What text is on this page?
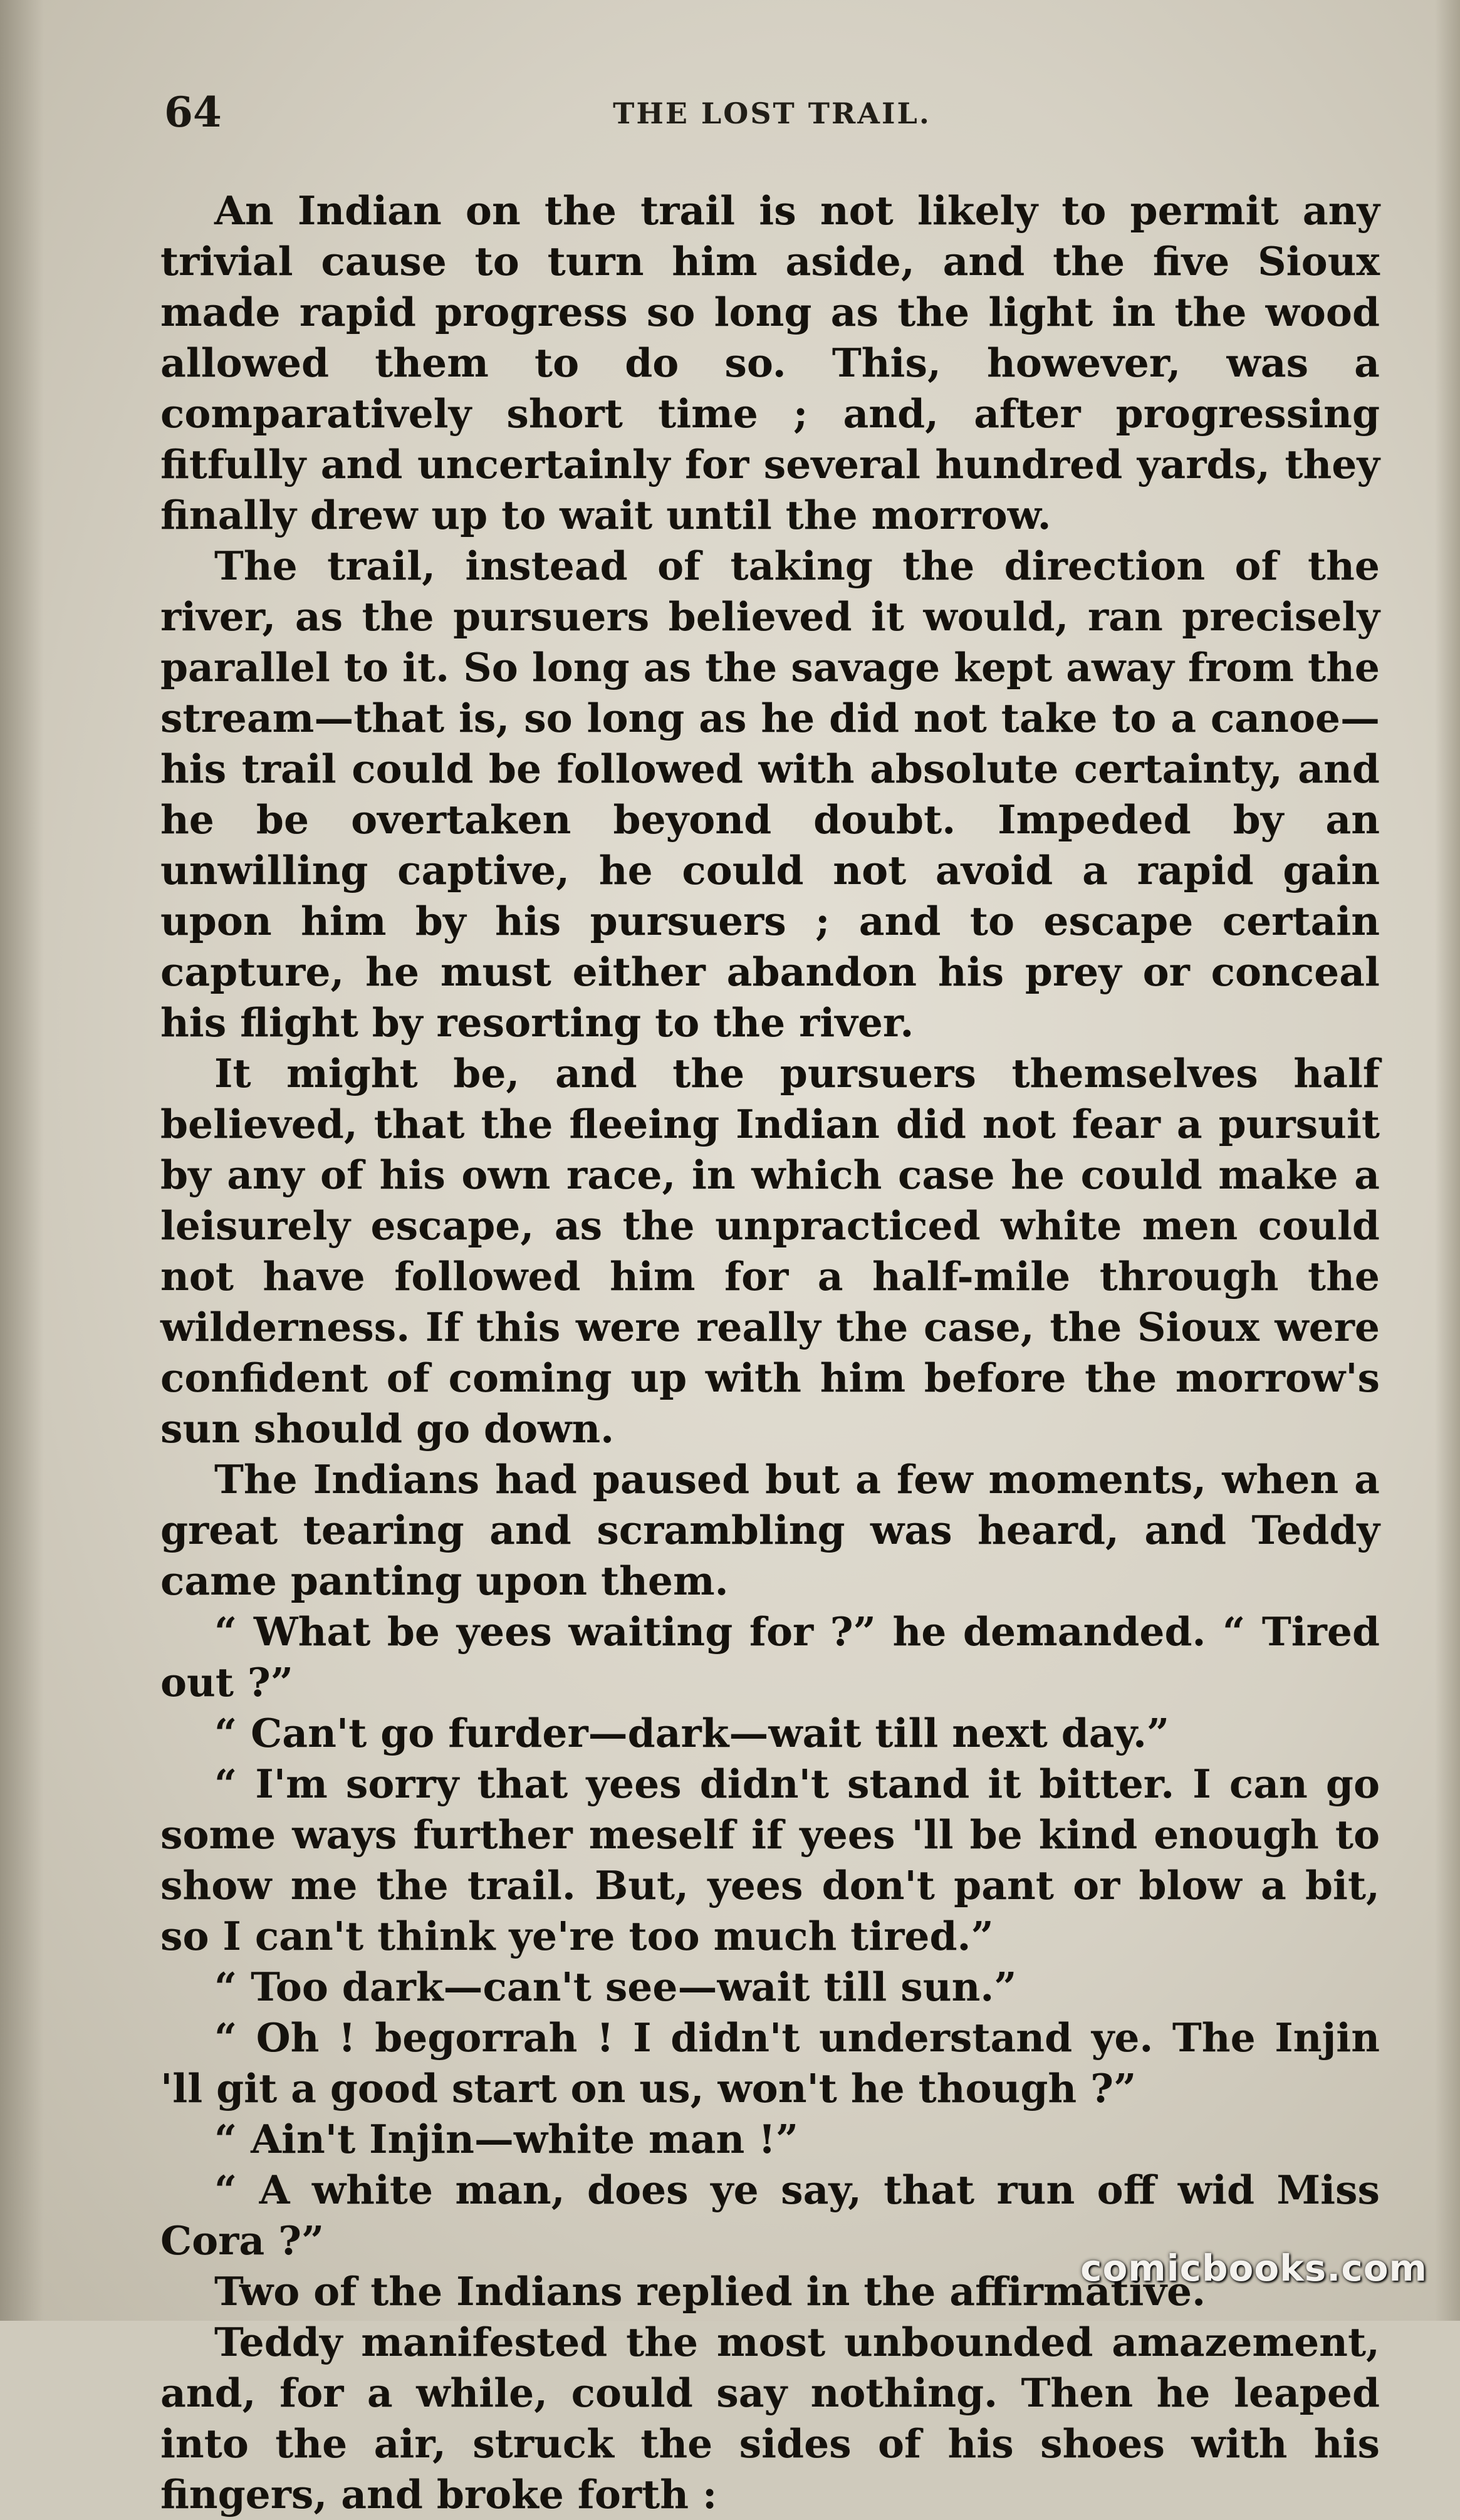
64	THE LOST TRAIL.

An Indian on the trail is not likely to permit any trivial cause to turn him aside, and the five Sioux made rapid progress so long as the light in the wood allowed them to do so. This, however, was a comparatively short time ; and, after progressing fitfully and uncertainly for several hundred yards, they finally drew up to wait until the morrow.

The trail, instead of taking the direction of the river, as the pursuers believed it would, ran precisely parallel to it. So long as the savage kept away from the stream—that is, so long as he did not take to a canoe—his trail could be followed with absolute certainty, and he be overtaken beyond doubt. Impeded by an unwilling captive, he could not avoid a rapid gain upon him by his pursuers ; and to escape certain capture, he must either abandon his prey or conceal his flight by resorting to the river.

It might be, and the pursuers themselves half believed, that the fleeing Indian did not fear a pursuit by any of his own race, in which case he could make a leisurely escape, as the unpracticed white men could not have followed him for a half-mile through the wilderness. If this were really the case, the Sioux were confident of coming up with him before the morrow's sun should go down.

The Indians had paused but a few moments, when a great tearing and scrambling was heard, and Teddy came panting upon them.

“ What be yees waiting for ?” he demanded. “ Tired out ?”

“ Can't go furder—dark—wait till next day.”

“ I'm sorry that yees didn't stand it bitter. I can go some ways further meself if yees 'll be kind enough to show me the trail. But, yees don't pant or blow a bit, so I can't think ye're too much tired.”

“ Too dark—can't see—wait till sun.”

“ Oh ! begorrah ! I didn't understand ye. The Injin 'll git a good start on us, won't he though ?”

“ Ain't Injin—white man !”

“ A white man, does ye say, that run off wid Miss Cora ?”

Two of the Indians replied in the affirmative.

Teddy manifested the most unbounded amazement, and, for a while, could say nothing. Then he leaped into the air, struck the sides of his shoes with his fingers, and broke forth :

comicbooks.com
